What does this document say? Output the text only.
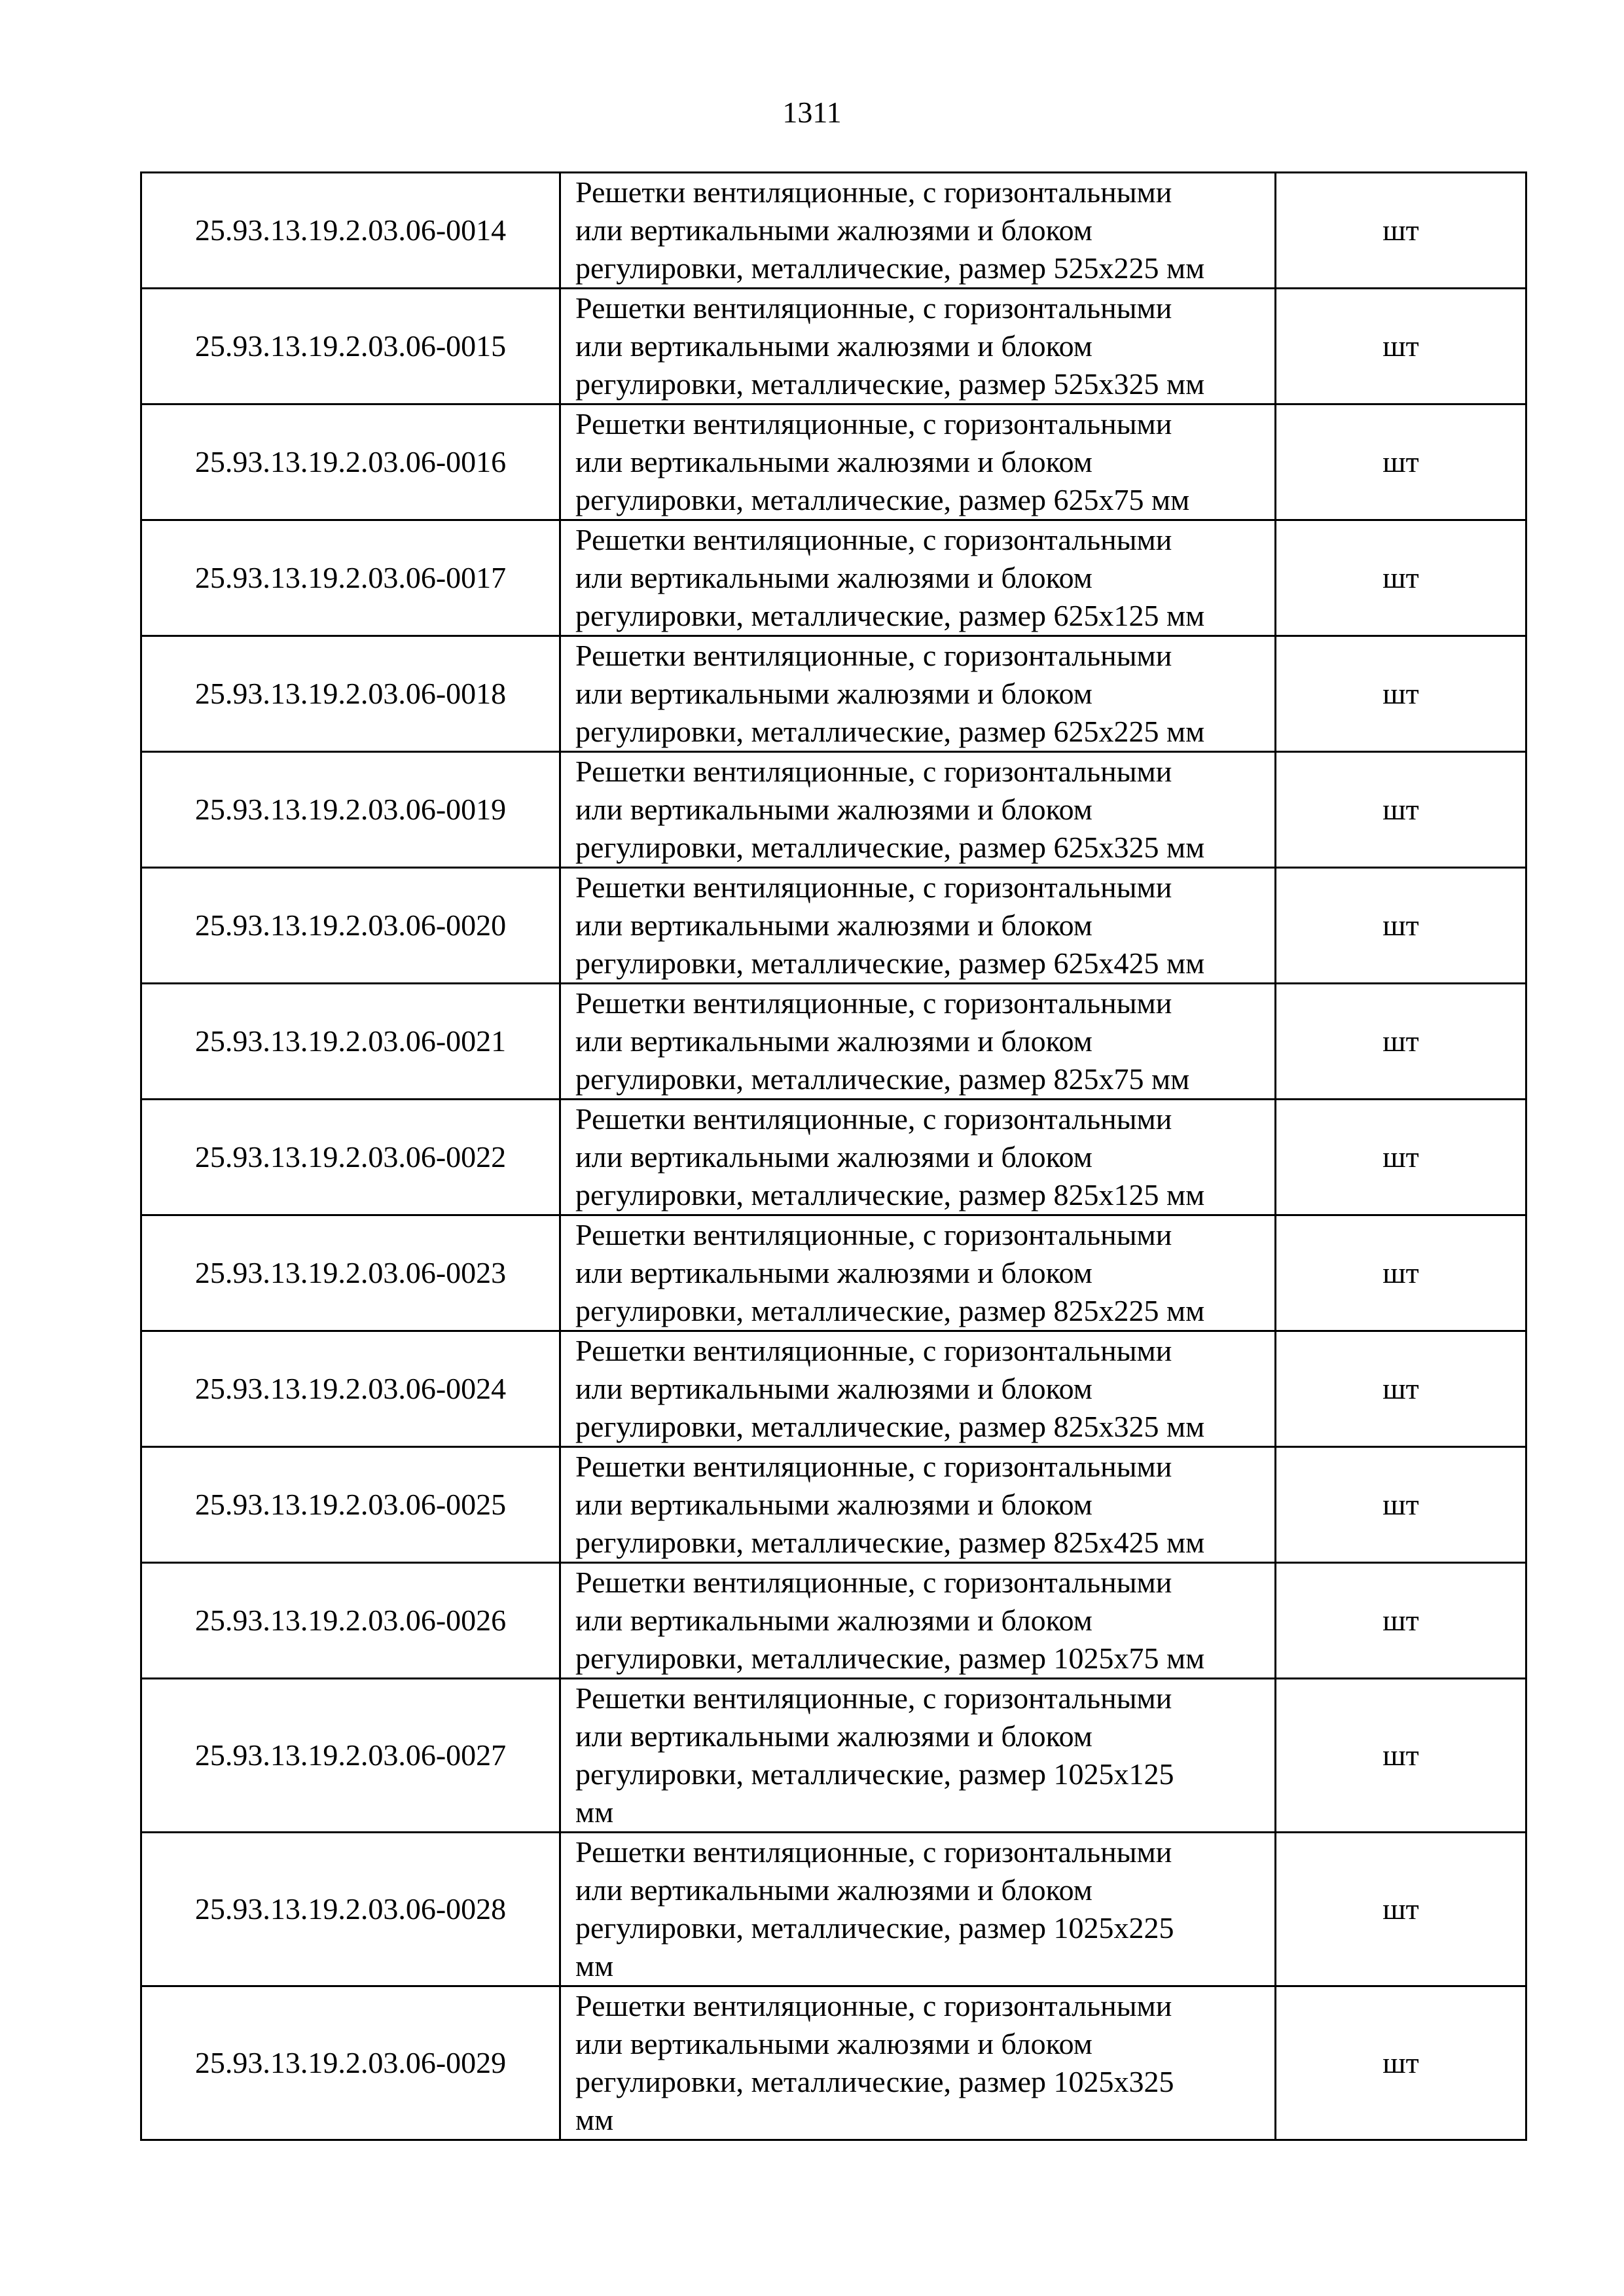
1311
25.93.13.19.2.03.06-0014	Решетки вентиляционные, с горизонтальными
или вертикальными жалюзями и блоком
регулировки, металлические, размер 525х225 мм	шт
25.93.13.19.2.03.06-0015	Решетки вентиляционные, с горизонтальными
или вертикальными жалюзями и блоком
регулировки, металлические, размер 525х325 мм	шт
25.93.13.19.2.03.06-0016	Решетки вентиляционные, с горизонтальными
или вертикальными жалюзями и блоком
регулировки, металлические, размер 625х75 мм	шт
25.93.13.19.2.03.06-0017	Решетки вентиляционные, с горизонтальными
или вертикальными жалюзями и блоком
регулировки, металлические, размер 625х125 мм	шт
25.93.13.19.2.03.06-0018	Решетки вентиляционные, с горизонтальными
или вертикальными жалюзями и блоком
регулировки, металлические, размер 625х225 мм	шт
25.93.13.19.2.03.06-0019	Решетки вентиляционные, с горизонтальными
или вертикальными жалюзями и блоком
регулировки, металлические, размер 625х325 мм	шт
25.93.13.19.2.03.06-0020	Решетки вентиляционные, с горизонтальными
или вертикальными жалюзями и блоком
регулировки, металлические, размер 625х425 мм	шт
25.93.13.19.2.03.06-0021	Решетки вентиляционные, с горизонтальными
или вертикальными жалюзями и блоком
регулировки, металлические, размер 825х75 мм	шт
25.93.13.19.2.03.06-0022	Решетки вентиляционные, с горизонтальными
или вертикальными жалюзями и блоком
регулировки, металлические, размер 825х125 мм	шт
25.93.13.19.2.03.06-0023	Решетки вентиляционные, с горизонтальными
или вертикальными жалюзями и блоком
регулировки, металлические, размер 825х225 мм	шт
25.93.13.19.2.03.06-0024	Решетки вентиляционные, с горизонтальными
или вертикальными жалюзями и блоком
регулировки, металлические, размер 825х325 мм	шт
25.93.13.19.2.03.06-0025	Решетки вентиляционные, с горизонтальными
или вертикальными жалюзями и блоком
регулировки, металлические, размер 825х425 мм	шт
25.93.13.19.2.03.06-0026	Решетки вентиляционные, с горизонтальными
или вертикальными жалюзями и блоком
регулировки, металлические, размер 1025х75 мм	шт
25.93.13.19.2.03.06-0027	Решетки вентиляционные, с горизонтальными
или вертикальными жалюзями и блоком
регулировки, металлические, размер 1025х125
мм	шт
25.93.13.19.2.03.06-0028	Решетки вентиляционные, с горизонтальными
или вертикальными жалюзями и блоком
регулировки, металлические, размер 1025х225
мм	шт
25.93.13.19.2.03.06-0029	Решетки вентиляционные, с горизонтальными
или вертикальными жалюзями и блоком
регулировки, металлические, размер 1025х325
мм	шт
